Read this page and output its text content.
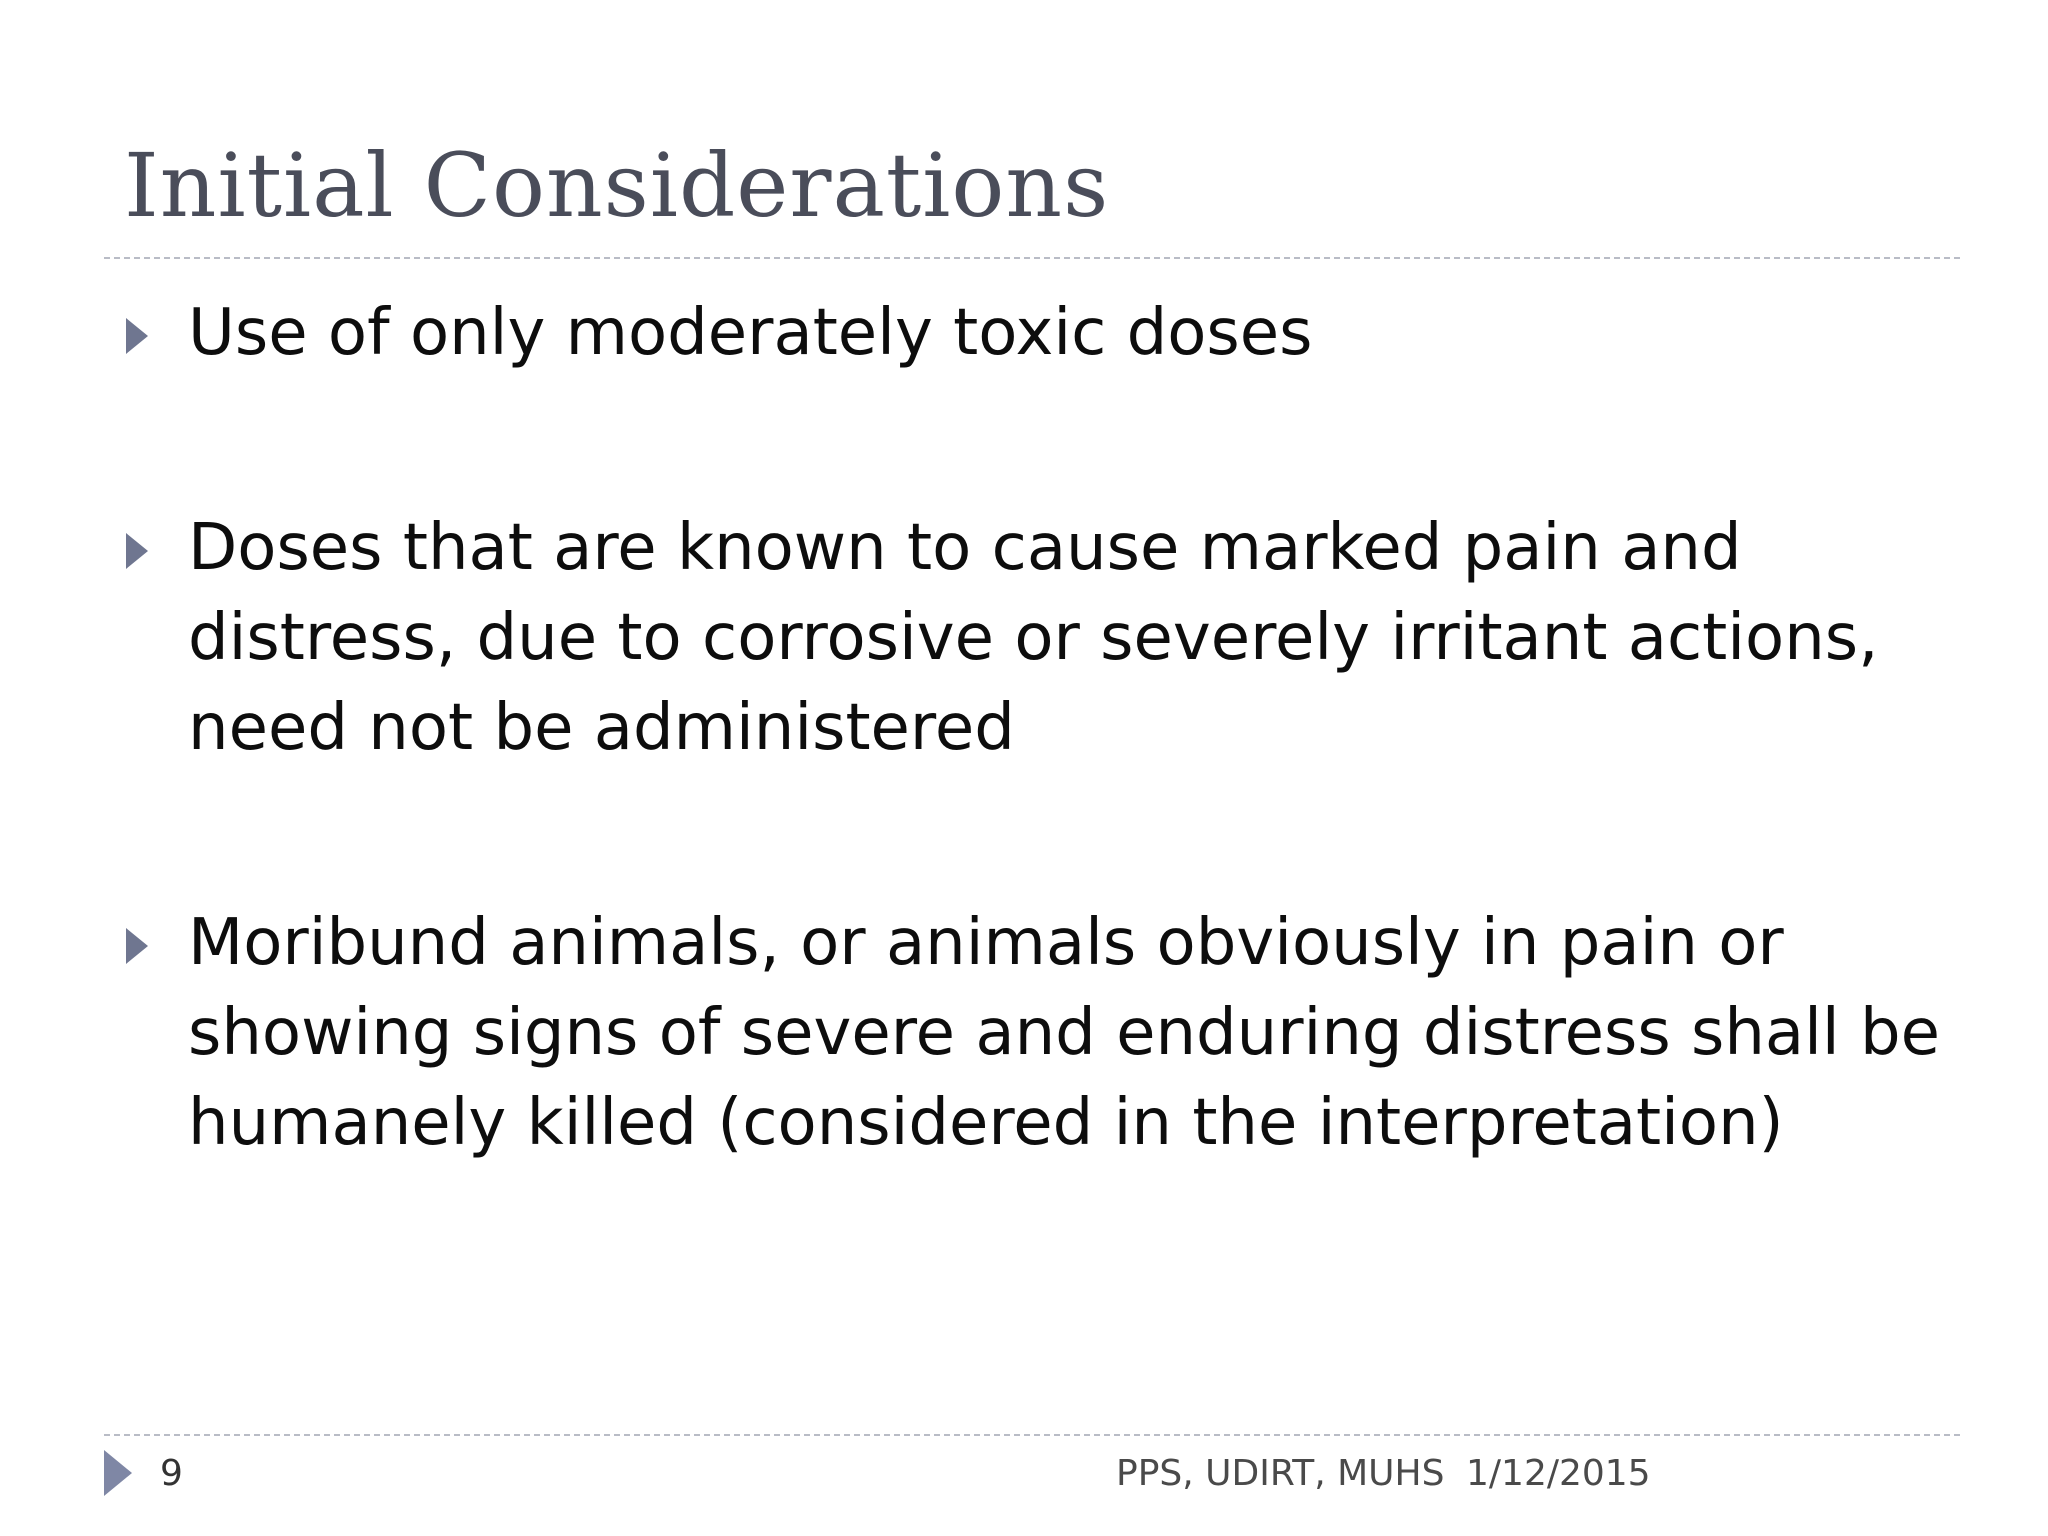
Initial Considerations
Use of only moderately toxic doses
Doses that are known to cause marked pain and distress, due to corrosive or severely irritant actions, need not be administered
Moribund animals, or animals obviously in pain or showing signs of severe and enduring distress shall be humanely killed (considered in the interpretation)
9	PPS, UDIRT, MUHS 1/12/2015
